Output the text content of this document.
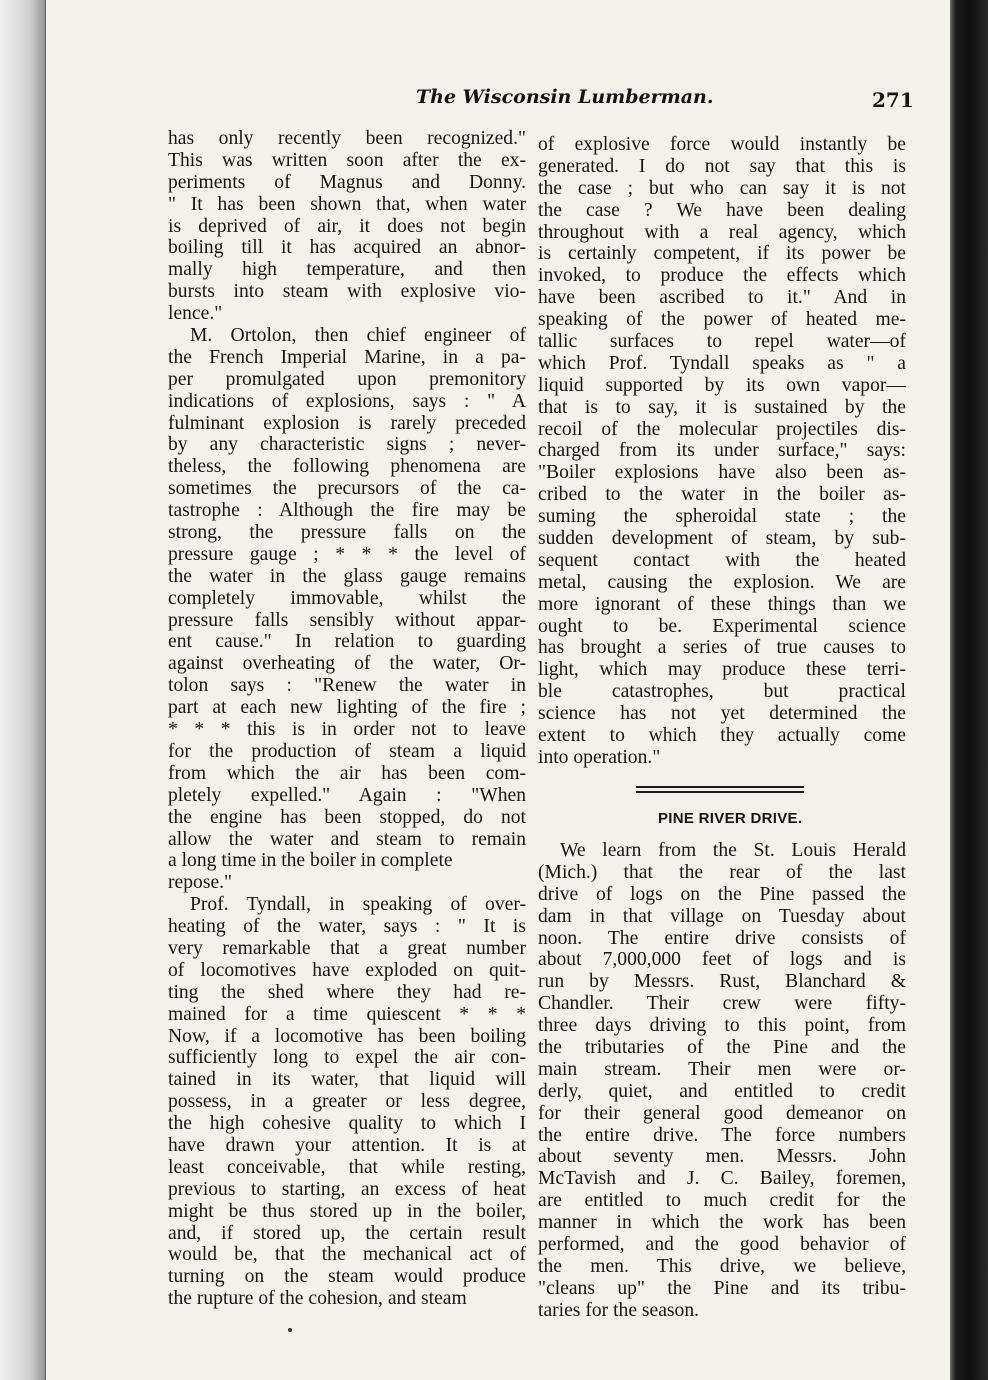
The Wisconsin Lumberman.	271
has only recently been recognized."
This was written soon after the ex-
periments of Magnus and Donny.
" It has been shown that, when water
is deprived of air, it does not begin
boiling till it has acquired an abnor-
mally high temperature, and then
bursts into steam with explosive vio-
lence."
M. Ortolon, then chief engineer of
the French Imperial Marine, in a pa-
per promulgated upon premonitory
indications of explosions, says : " A
fulminant explosion is rarely preceded
by any characteristic signs ; never-
theless, the following phenomena are
sometimes the precursors of the ca-
tastrophe : Although the fire may be
strong, the pressure falls on the
pressure gauge ; * * * the level of
the water in the glass gauge remains
completely immovable, whilst the
pressure falls sensibly without appar-
ent cause." In relation to guarding
against overheating of the water, Or-
tolon says : "Renew the water in
part at each new lighting of the fire ;
* * * this is in order not to leave
for the production of steam a liquid
from which the air has been com-
pletely expelled." Again : "When
the engine has been stopped, do not
allow the water and steam to remain
a long time in the boiler in complete
repose."
Prof. Tyndall, in speaking of over-
heating of the water, says : " It is
very remarkable that a great number
of locomotives have exploded on quit-
ting the shed where they had re-
mained for a time quiescent * * *
Now, if a locomotive has been boiling
sufficiently long to expel the air con-
tained in its water, that liquid will
possess, in a greater or less degree,
the high cohesive quality to which I
have drawn your attention. It is at
least conceivable, that while resting,
previous to starting, an excess of heat
might be thus stored up in the boiler,
and, if stored up, the certain result
would be, that the mechanical act of
turning on the steam would produce
the rupture of the cohesion, and steam
of explosive force would instantly be
generated. I do not say that this is
the case ; but who can say it is not
the case ? We have been dealing
throughout with a real agency, which
is certainly competent, if its power be
invoked, to produce the effects which
have been ascribed to it." And in
speaking of the power of heated me-
tallic surfaces to repel water—of
which Prof. Tyndall speaks as " a
liquid supported by its own vapor—
that is to say, it is sustained by the
recoil of the molecular projectiles dis-
charged from its under surface," says:
"Boiler explosions have also been as-
cribed to the water in the boiler as-
suming the spheroidal state ; the
sudden development of steam, by sub-
sequent contact with the heated
metal, causing the explosion. We are
more ignorant of these things than we
ought to be. Experimental science
has brought a series of true causes to
light, which may produce these terri-
ble catastrophes, but practical
science has not yet determined the
extent to which they actually come
into operation."
PINE RIVER DRIVE.
We learn from the St. Louis Herald
(Mich.) that the rear of the last
drive of logs on the Pine passed the
dam in that village on Tuesday about
noon. The entire drive consists of
about 7,000,000 feet of logs and is
run by Messrs. Rust, Blanchard &
Chandler. Their crew were fifty-
three days driving to this point, from
the tributaries of the Pine and the
main stream. Their men were or-
derly, quiet, and entitled to credit
for their general good demeanor on
the entire drive. The force numbers
about seventy men. Messrs. John
McTavish and J. C. Bailey, foremen,
are entitled to much credit for the
manner in which the work has been
performed, and the good behavior of
the men. This drive, we believe,
"cleans up" the Pine and its tribu-
taries for the season.
